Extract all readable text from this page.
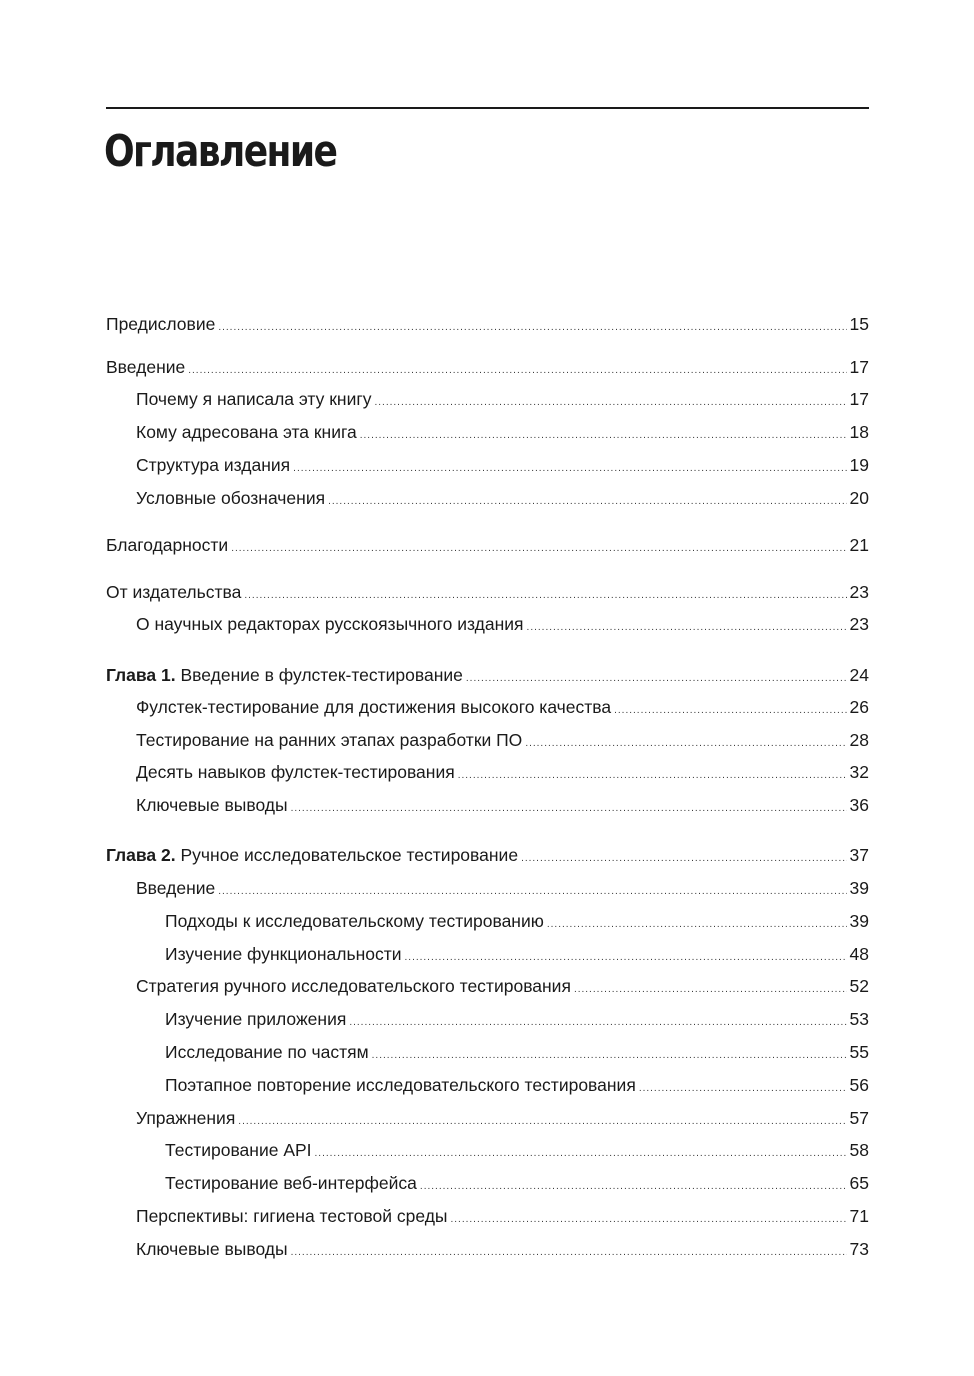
Оглавление
Предисловие .....	15
Введение .....	17
Почему я написала эту книгу .....	17
Кому адресована эта книга .....	18
Структура издания .....	19
Условные обозначения .....	20
Благодарности .....	21
От издательства .....	23
О научных редакторах русскоязычного издания .....	23
Глава 1. Введение в фулстек-тестирование .....	24
Фулстек-тестирование для достижения высокого качества .....	26
Тестирование на ранних этапах разработки ПО .....	28
Десять навыков фулстек-тестирования .....	32
Ключевые выводы .....	36
Глава 2. Ручное исследовательское тестирование .....	37
Введение .....	39
Подходы к исследовательскому тестированию .....	39
Изучение функциональности .....	48
Стратегия ручного исследовательского тестирования .....	52
Изучение приложения .....	53
Исследование по частям .....	55
Поэтапное повторение исследовательского тестирования .....	56
Упражнения .....	57
Тестирование API .....	58
Тестирование веб-интерфейса .....	65
Перспективы: гигиена тестовой среды .....	71
Ключевые выводы .....	73
